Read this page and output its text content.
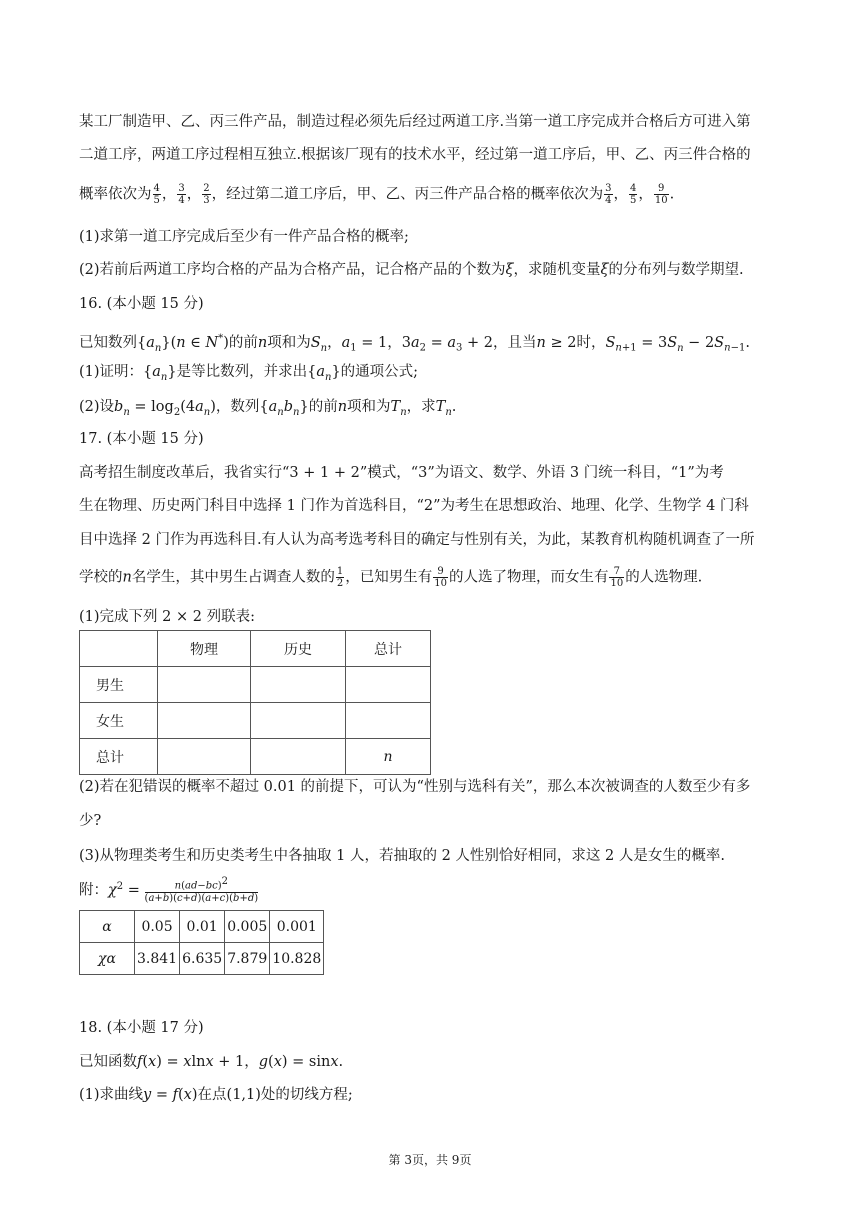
某工厂制造甲、乙、丙三件产品，制造过程必须先后经过两道工序.当第一道工序完成并合格后方可进入第
二道工序，两道工序过程相互独立.根据该厂现有的技术水平，经过第一道工序后，甲、乙、丙三件合格的
概率依次为 $\frac{4}{5}$ ， $\frac{3}{4}$ ， $\frac{2}{3}$ ，经过第二道工序后，甲、乙、丙三件产品合格的概率依次为 $\frac{3}{4}$ ， $\frac{4}{5}$ ， $\frac{9}{10}$ .
(1)求第一道工序完成后至少有一件产品合格的概率;
(2)若前后两道工序均合格的产品为合格产品，记合格产品的个数为ξ，求随机变量ξ的分布列与数学期望.
16. (本小题 15 分)
已知数列$\{a_n\}(n$ ∈ N*)的前n项和为$S_n$，$a_1 = 1$，$3a_2 = a_3 + 2$，且当n ≥ 2时，$S_{n+1} = 3S_n - 2S_{n-1}$.
(1)证明：$\{a_n\}$是等比数列，并求出$\{a_n\}$的通项公式;
(2)设$b_n = \log_2(4a_n)$，数列$\{a_nb_n\}$的前n项和为$T_n$，求$T_n$.
17. (本小题 15 分)
高考招生制度改革后，我省实行“3 + 1 + 2”模式，“3”为语文、数学、外语 3 门统一科目，“1”为考
生在物理、历史两门科目中选择 1 门作为首选科目，“2”为考生在思想政治、地理、化学、生物学 4 门科
目中选择 2 门作为再选科目.有人认为高考选考科目的确定与性别有关，为此，某教育机构随机调查了一所
学校的n名学生，其中男生占调查人数的 $\frac{1}{2}$ ，已知男生有 $\frac{9}{10}$ 的人选了物理，而女生有 $\frac{7}{10}$ 的人选物理.
(1)完成下列 2 × 2 列联表:
	物理	历史	总计
男生			
女生			
总计			n
(2)若在犯错误的概率不超过 0.01 的前提下，可认为“性别与选科有关”，那么本次被调查的人数至少有多
少?
(3)从物理类考生和历史类考生中各抽取 1 人，若抽取的 2 人性别恰好相同，求这 2 人是女生的概率.
附：$\chi^2 = \frac{n(ad-bc)^2}{(a+b)(c+d)(a+c)(b+d)}$
α	0.05	0.01	0.005	0.001
χα	3.841	6.635	7.879	10.828
18. (本小题 17 分)
已知函数f(x) = xlnx + 1，g(x) = sinx.
(1)求曲线y = f(x)在点(1,1)处的切线方程;
第 3页，共 9页
